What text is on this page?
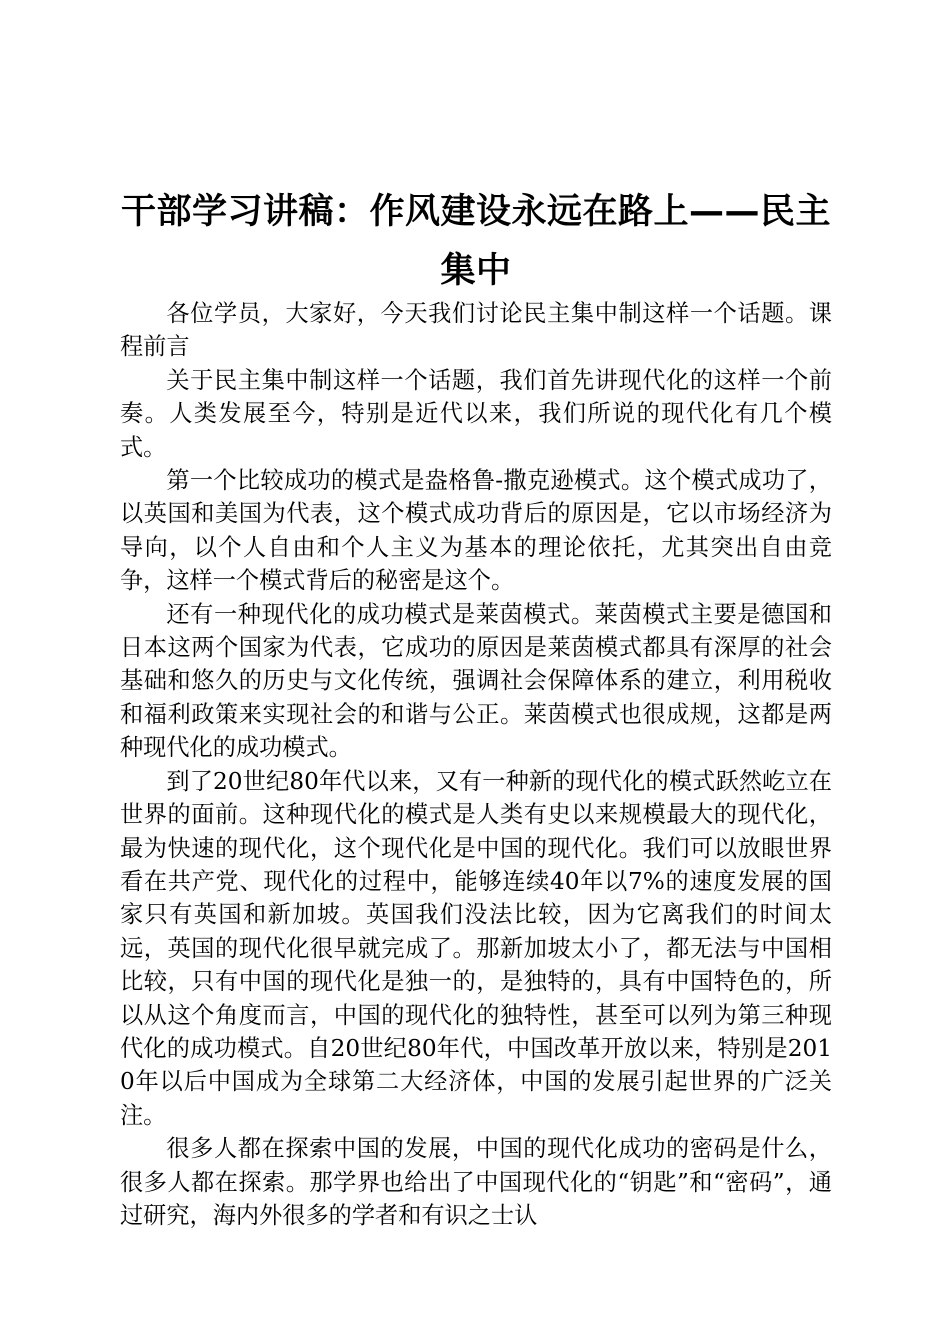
干部学习讲稿：作风建设永远在路上——民主集中

各位学员，大家好，今天我们讨论民主集中制这样一个话题。课程前言

关于民主集中制这样一个话题，我们首先讲现代化的这样一个前奏。人类发展至今，特别是近代以来，我们所说的现代化有几个模式。

第一个比较成功的模式是盎格鲁-撒克逊模式。这个模式成功了，以英国和美国为代表，这个模式成功背后的原因是，它以市场经济为导向，以个人自由和个人主义为基本的理论依托，尤其突出自由竞争，这样一个模式背后的秘密是这个。

还有一种现代化的成功模式是莱茵模式。莱茵模式主要是德国和日本这两个国家为代表，它成功的原因是莱茵模式都具有深厚的社会基础和悠久的历史与文化传统，强调社会保障体系的建立，利用税收和福利政策来实现社会的和谐与公正。莱茵模式也很成规，这都是两种现代化的成功模式。

到了20世纪80年代以来，又有一种新的现代化的模式跃然屹立在世界的面前。这种现代化的模式是人类有史以来规模最大的现代化，最为快速的现代化，这个现代化是中国的现代化。我们可以放眼世界看在共产党、现代化的过程中，能够连续40年以7%的速度发展的国家只有英国和新加坡。英国我们没法比较，因为它离我们的时间太远，英国的现代化很早就完成了。那新加坡太小了，都无法与中国相比较，只有中国的现代化是独一的，是独特的，具有中国特色的，所以从这个角度而言，中国的现代化的独特性，甚至可以列为第三种现代化的成功模式。自20世纪80年代，中国改革开放以来，特别是2010年以后中国成为全球第二大经济体，中国的发展引起世界的广泛关注。

很多人都在探索中国的发展，中国的现代化成功的密码是什么，很多人都在探索。那学界也给出了中国现代化的“钥匙”和“密码”，通过研究，海内外很多的学者和有识之士认
